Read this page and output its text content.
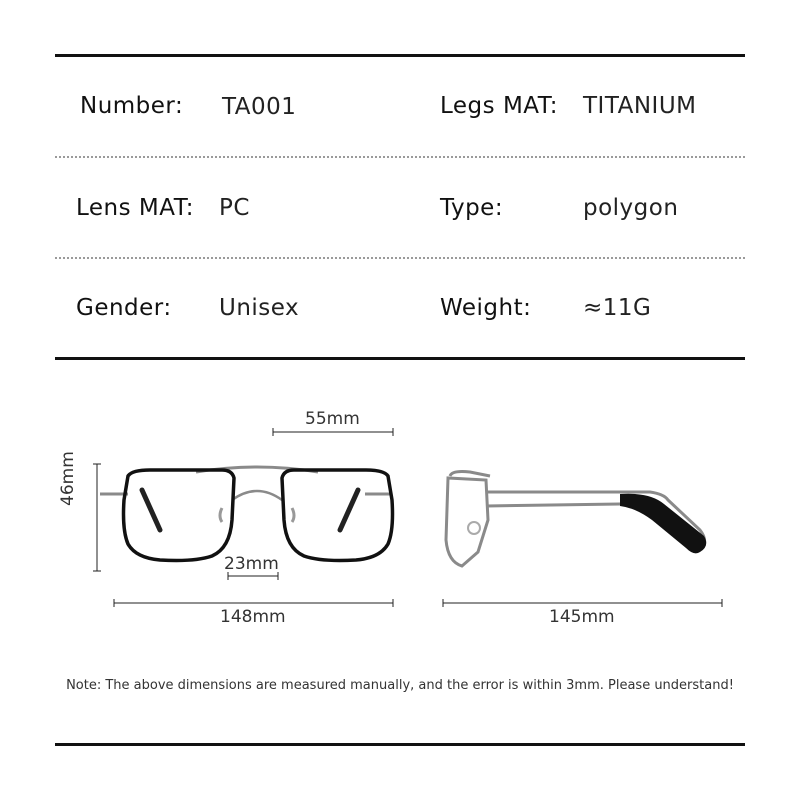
Number: TA001	Legs MAT: TITANIUM
Lens MAT: PC	Type:	polygon
Gender: Unisex	Weight: ≈11G
55mm
46mm
23mm
148mm	145mm
Note: The above dimensions are measured manually, and the error is within 3mm. Please understand!
